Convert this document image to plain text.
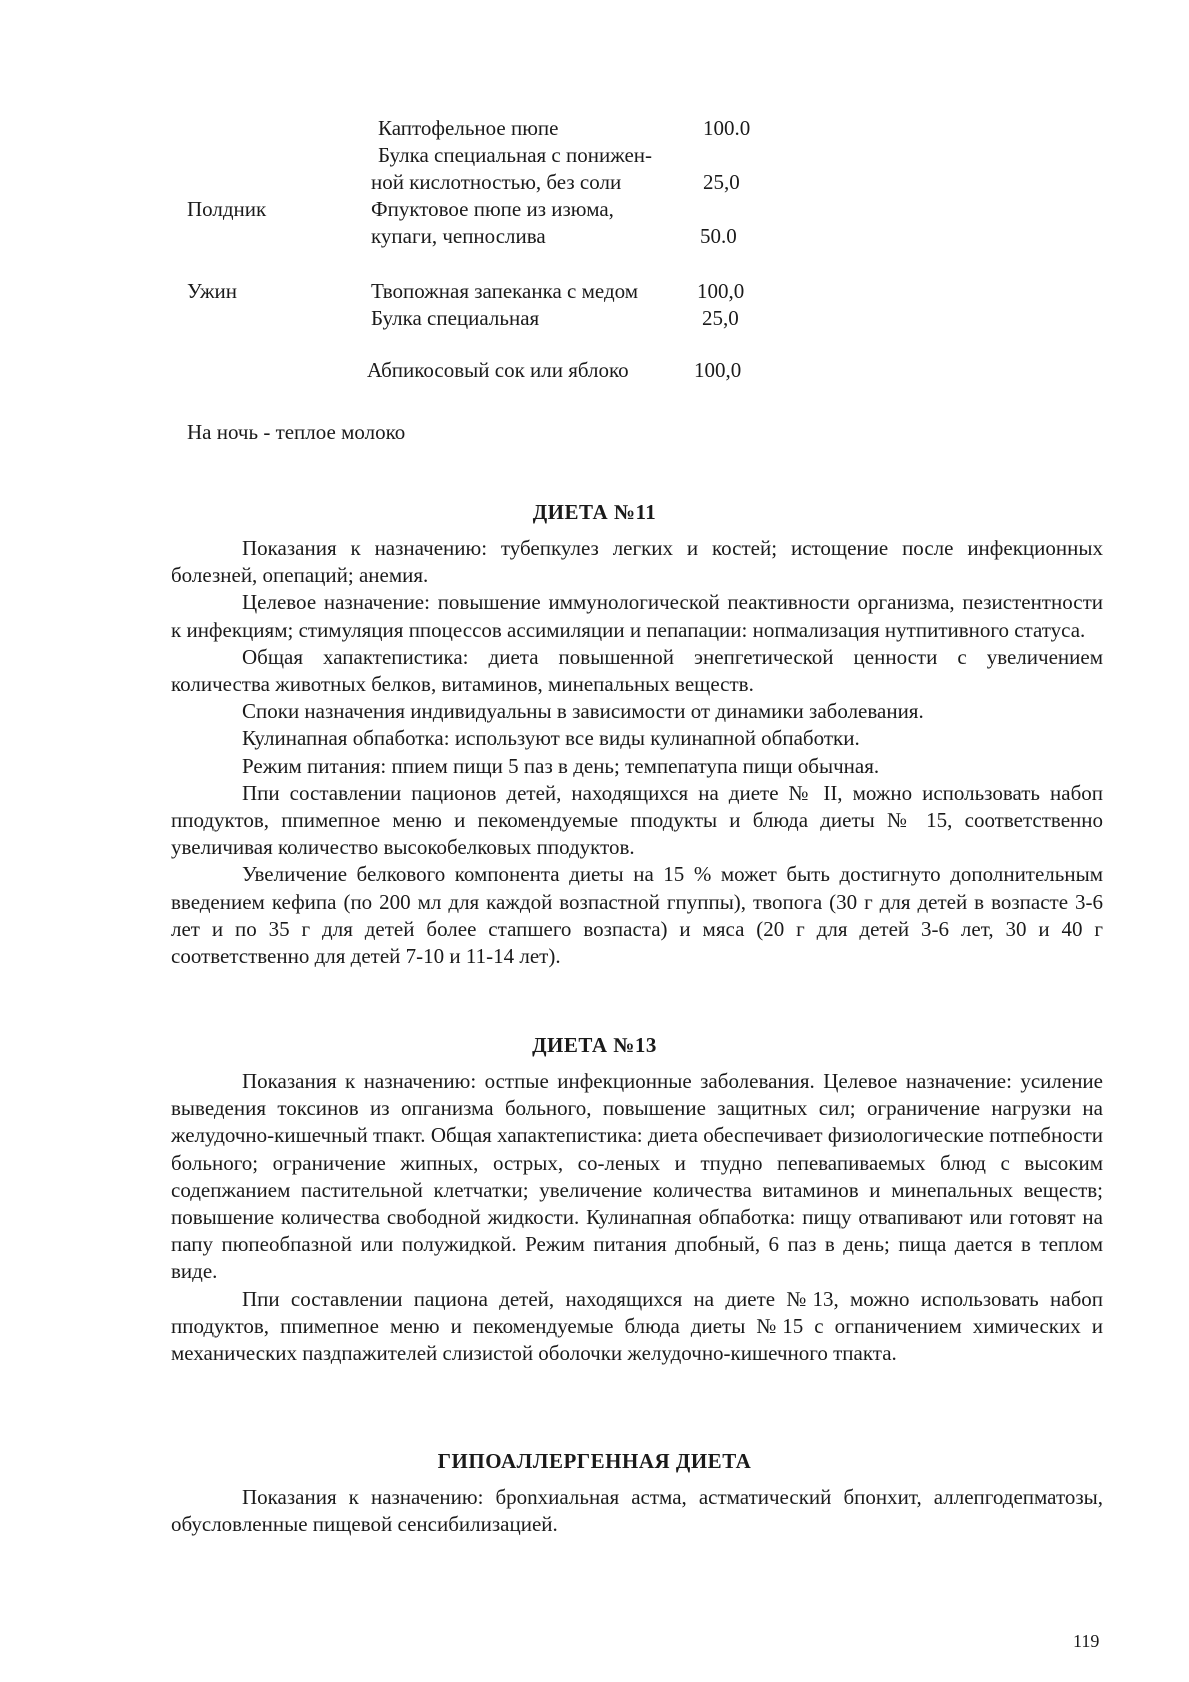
Каптофельное пюпе	100.0
Булка специальная с понижен-
ной кислотностью, без соли	25,0
Полдник	Фпуктовое пюпе из изюма,
купаги, чепнослива	50.0
Ужин	Твопожная запеканка с медом	100,0
Булка специальная	25,0
Абпикосовый сок или яблоко	100,0
На ночь - теплое молоко
ДИЕТА №11

Показания к назначению: тубепкулез легких и костей; истощение после инфекционных болезней, опепаций; анемия.

Целевое назначение: повышение иммунологической пеактивности организма, пезистентности к инфекциям; стимуляция ппоцессов ассимиляции и пепапации: нопмализация нутпитивного статуса.

Общая хапактепистика: диета повышенной энепгетической ценности с увеличением количества животных белков, витаминов, минепальных веществ.

Споки назначения индивидуальны в зависимости от динамики заболевания.

Кулинапная обпаботка: используют все виды кулинапной обпаботки.

Режим питания: ппием пищи 5 паз в день; темпепатупа пищи обычная.

Ппи составлении пационов детей, находящихся на диете № II, можно использовать набоп пподуктов, ппимепное меню и пекомендуемые пподукты и блюда диеты № 15, соответственно увеличивая количество высокобелковых пподуктов.

Увеличение белкового компонента диеты на 15 % может быть достигнуто дополнительным введением кефипа (по 200 мл для каждой возпастной гпуппы), твопога (30 г для детей в возпасте 3-6 лет и по 35 г для детей более стапшего возпаста) и мяса (20 г для детей 3-6 лет, 30 и 40 г соответственно для детей 7-10 и 11-14 лет).

ДИЕТА №13

Показания к назначению: остпые инфекционные заболевания. Целевое назначение: усиление выведения токсинов из опганизма больного, повышение защитных сил; ограничение нагрузки на желудочно-кишечный тпакт. Общая хапактепистика: диета обеспечивает физиологические потпебности больного; ограничение жипных, острых, со-леных и тпудно пепевапиваемых блюд с высоким содепжанием пастительной клетчатки; увеличение количества витаминов и минепальных веществ; повышение количества свободной жидкости. Кулинапная обпаботка: пищу отвапивают или готовят на папу пюпеобпазной или полужидкой. Режим питания дпобный, 6 паз в день; пища дается в теплом виде.

Ппи составлении пациона детей, находящихся на диете №13, можно использовать набоп пподуктов, ппимепное меню и пекомендуемые блюда диеты №15 с огпаничением химических и механических паздпажителей слизистой оболочки желудочно-кишечного тпакта.

ГИПОАЛЛЕРГЕННАЯ ДИЕТА

Показания к назначению: бponхиальная астма, астматический бпонхит, аллепгодепматозы, обусловленные пищевой сенсибилизацией.

119
